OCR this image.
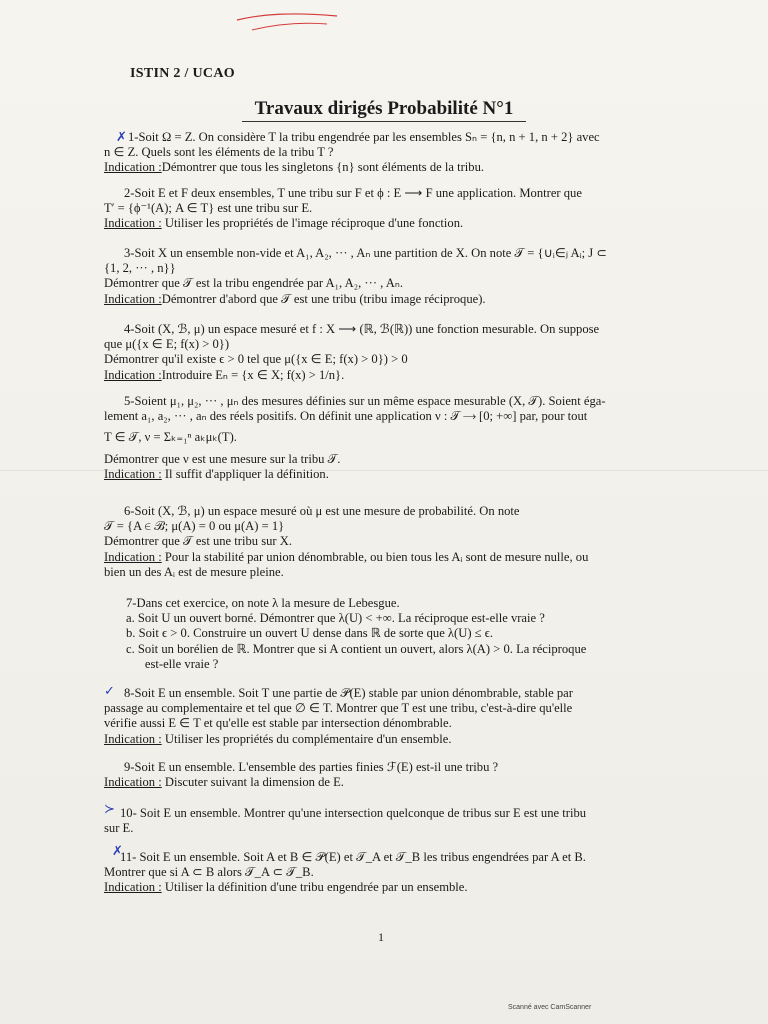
ISTIN 2 / UCAO
Travaux dirigés Probabilité N°1
✗
✓
≻
✗

1-Soit Ω = Z. On considère T la tribu engendrée par les ensembles Sₙ = {n, n + 1, n + 2} avec

n ∈ Z. Quels sont les éléments de la tribu T ?

Indication :Démontrer que tous les singletons {n} sont éléments de la tribu.

2-Soit E et F deux ensembles, T une tribu sur F et ϕ : E ⟶ F une application. Montrer que

T′ = {ϕ⁻¹(A); A ∈ T} est une tribu sur E.

Indication : Utiliser les propriétés de l'image réciproque d'une fonction.

3-Soit X un ensemble non-vide et A₁, A₂, ··· , Aₙ une partition de X. On note 𝒯 = {∪ᵢ∈ⱼ Aᵢ; J ⊂

{1, 2, ··· , n}}

Démontrer que 𝒯 est la tribu engendrée par A₁, A₂, ··· , Aₙ.

Indication :Démontrer d'abord que 𝒯 est une tribu (tribu image réciproque).

4-Soit (X, ℬ, μ) un espace mesuré et f : X ⟶ (ℝ, ℬ(ℝ)) une fonction mesurable. On suppose

que μ({x ∈ E; f(x) > 0})

Démontrer qu'il existe ϵ > 0 tel que μ({x ∈ E; f(x) > 0}) > 0

Indication :Introduire Eₙ = {x ∈ X; f(x) > 1/n}.

5-Soient μ₁, μ₂, ··· , μₙ des mesures définies sur un même espace mesurable (X, 𝒯). Soient éga-

lement a₁, a₂, ··· , aₙ des réels positifs. On définit une application ν : 𝒯 ⟶ [0; +∞] par, pour tout

T ∈ 𝒯, ν = Σₖ₌₁ⁿ aₖμₖ(T).

Démontrer que ν est une mesure sur la tribu 𝒯.

Indication : Il suffit d'appliquer la définition.

6-Soit (X, ℬ, μ) un espace mesuré où μ est une mesure de probabilité. On note

𝒯 = {A ∈ ℬ; μ(A) = 0 ou μ(A) = 1}

Démontrer que 𝒯 est une tribu sur X.

Indication : Pour la stabilité par union dénombrable, ou bien tous les Aᵢ sont de mesure nulle, ou

bien un des Aᵢ est de mesure pleine.

7-Dans cet exercice, on note λ la mesure de Lebesgue.

a. Soit U un ouvert borné. Démontrer que λ(U) < +∞. La réciproque est-elle vraie ?
b. Soit ϵ > 0. Construire un ouvert U dense dans ℝ de sorte que λ(U) ≤ ϵ.
c. Soit un borélien de ℝ. Montrer que si A contient un ouvert, alors λ(A) > 0. La réciproque
est-elle vraie ?

8-Soit E un ensemble. Soit T une partie de 𝒫(E) stable par union dénombrable, stable par

passage au complementaire et tel que ∅ ∈ T. Montrer que T est une tribu, c'est-à-dire qu'elle

vérifie aussi E ∈ T et qu'elle est stable par intersection dénombrable.

Indication : Utiliser les propriétés du complémentaire d'un ensemble.

9-Soit E un ensemble. L'ensemble des parties finies ℱ(E) est-il une tribu ?

Indication : Discuter suivant la dimension de E.

10- Soit E un ensemble. Montrer qu'une intersection quelconque de tribus sur E est une tribu

sur E.

11- Soit E un ensemble. Soit A et B ∈ 𝒫(E) et 𝒯_A et 𝒯_B les tribus engendrées par A et B.

Montrer que si A ⊂ B alors 𝒯_A ⊂ 𝒯_B.

Indication : Utiliser la définition d'une tribu engendrée par un ensemble.

1
Scanné avec CamScanner
